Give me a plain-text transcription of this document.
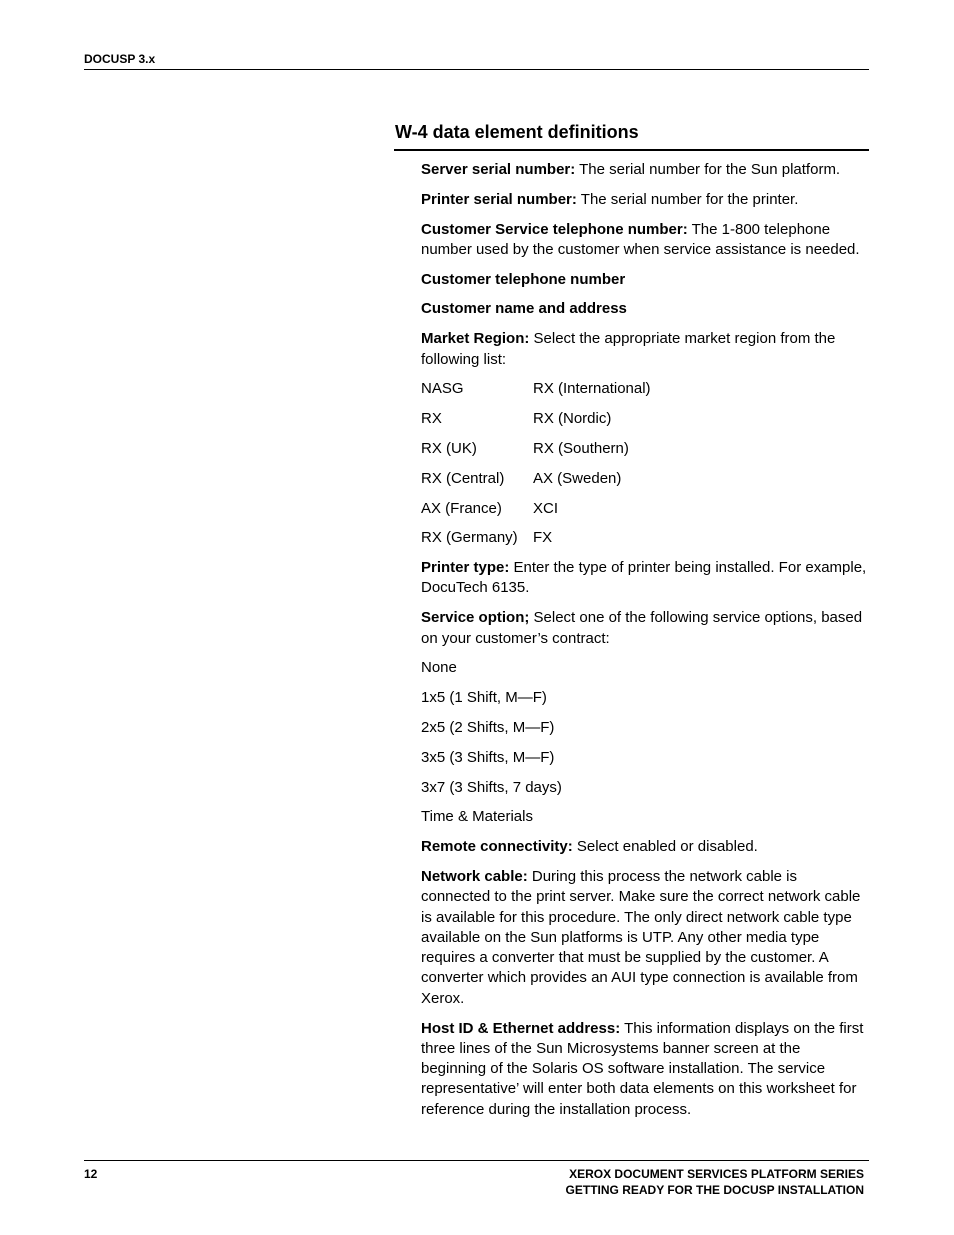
DOCUSP 3.x
W-4 data element definitions

Server serial number: The serial number for the Sun platform.

Printer serial number: The serial number for the printer.

Customer Service telephone number: The 1-800 telephone number used by the customer when service assistance is needed.

Customer telephone number

Customer name and address

Market Region: Select the appropriate market region from the following list:

NASG	RX (International)
RX	RX (Nordic)
RX (UK)	RX (Southern)
RX (Central)	AX (Sweden)
AX (France)	XCI
RX (Germany)	FX

Printer type: Enter the type of printer being installed. For example, DocuTech 6135.

Service option; Select one of the following service options, based on your customer’s contract:

None

1x5 (1 Shift, M—F)

2x5 (2 Shifts, M—F)

3x5 (3 Shifts, M—F)

3x7 (3 Shifts, 7 days)

Time & Materials

Remote connectivity: Select enabled or disabled.

Network cable: During this process the network cable is connected to the print server. Make sure the correct network cable is available for this procedure. The only direct network cable type available on the Sun platforms is UTP. Any other media type requires a converter that must be supplied by the customer. A converter which provides an AUI type connection is available from Xerox.

Host ID & Ethernet address: This information displays on the first three lines of the Sun Microsystems banner screen at the beginning of the Solaris OS software installation. The service representative’ will enter both data elements on this worksheet for reference during the installation process.

12	XEROX DOCUMENT SERVICES PLATFORM SERIES
GETTING READY FOR THE DOCUSP INSTALLATION
